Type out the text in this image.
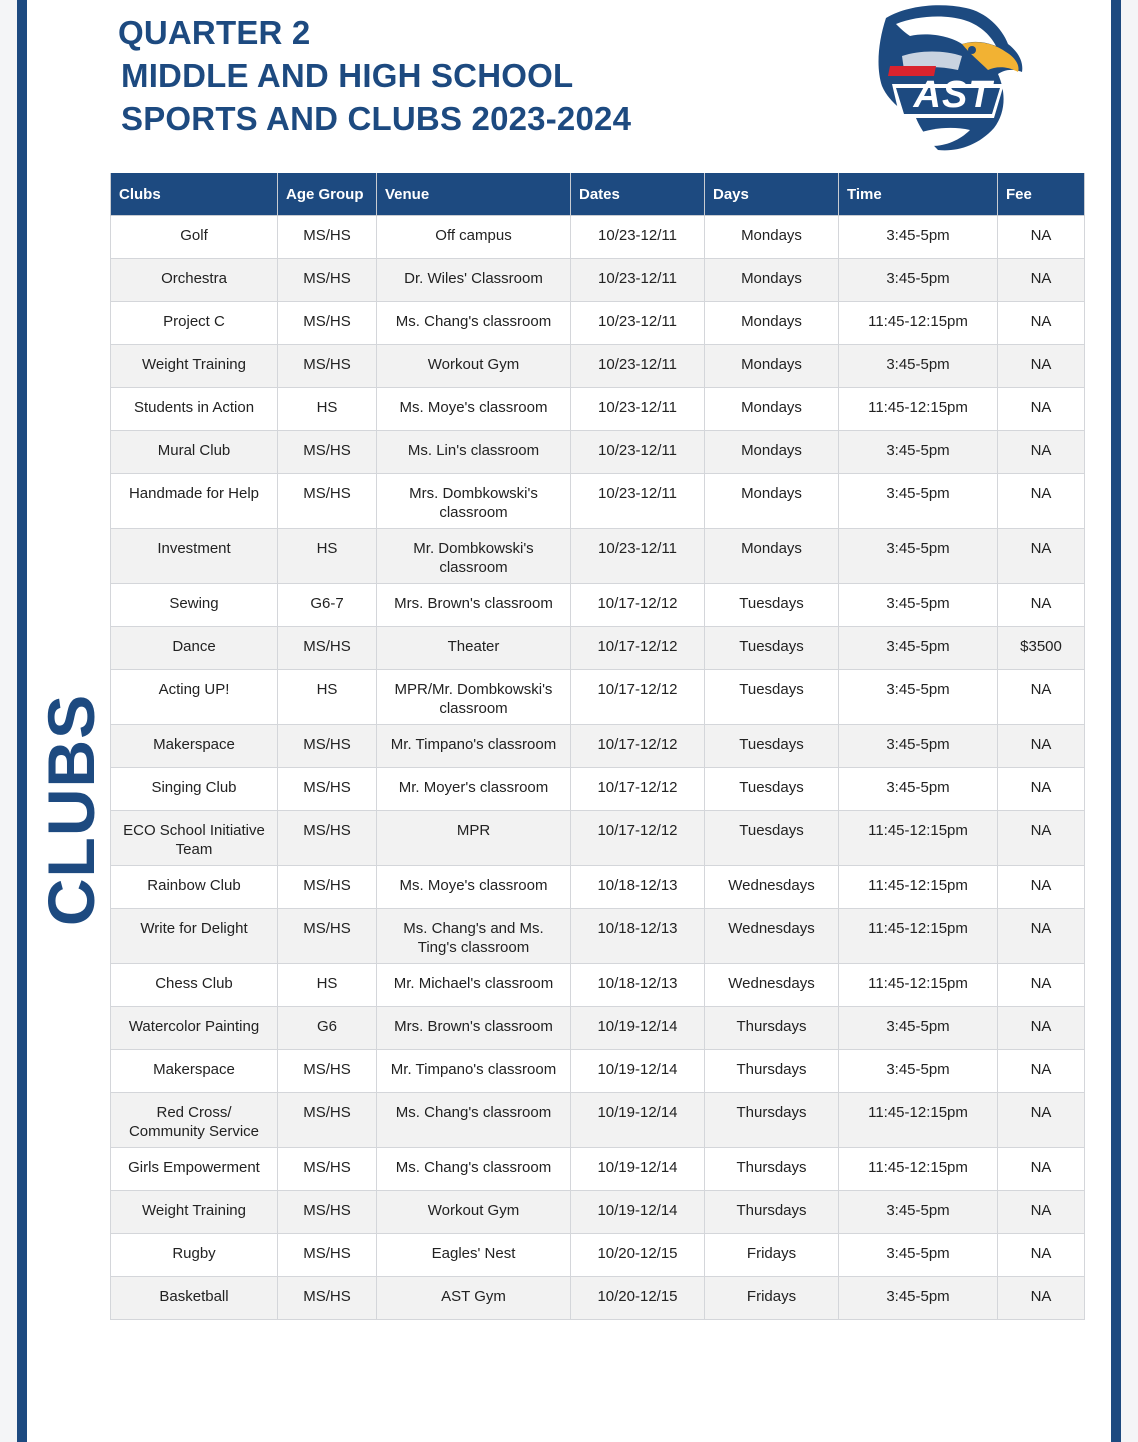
QUARTER 2
MIDDLE AND HIGH SCHOOL
SPORTS AND CLUBS 2023-2024
CLUBS
AST
Clubs	Age Group	Venue	Dates	Days	Time	Fee
Golf	MS/HS	Off campus	10/23-12/11	Mondays	3:45-5pm	NA
Orchestra	MS/HS	Dr. Wiles' Classroom	10/23-12/11	Mondays	3:45-5pm	NA
Project C	MS/HS	Ms. Chang's classroom	10/23-12/11	Mondays	11:45-12:15pm	NA
Weight Training	MS/HS	Workout Gym	10/23-12/11	Mondays	3:45-5pm	NA
Students in Action	HS	Ms. Moye's classroom	10/23-12/11	Mondays	11:45-12:15pm	NA
Mural Club	MS/HS	Ms. Lin's classroom	10/23-12/11	Mondays	3:45-5pm	NA
Handmade for Help	MS/HS	Mrs. Dombkowski's classroom	10/23-12/11	Mondays	3:45-5pm	NA
Investment	HS	Mr. Dombkowski's classroom	10/23-12/11	Mondays	3:45-5pm	NA
Sewing	G6-7	Mrs. Brown's classroom	10/17-12/12	Tuesdays	3:45-5pm	NA
Dance	MS/HS	Theater	10/17-12/12	Tuesdays	3:45-5pm	$3500
Acting UP!	HS	MPR/Mr. Dombkowski's classroom	10/17-12/12	Tuesdays	3:45-5pm	NA
Makerspace	MS/HS	Mr. Timpano's classroom	10/17-12/12	Tuesdays	3:45-5pm	NA
Singing Club	MS/HS	Mr. Moyer's classroom	10/17-12/12	Tuesdays	3:45-5pm	NA
ECO School Initiative Team	MS/HS	MPR	10/17-12/12	Tuesdays	11:45-12:15pm	NA
Rainbow Club	MS/HS	Ms. Moye's classroom	10/18-12/13	Wednesdays	11:45-12:15pm	NA
Write for Delight	MS/HS	Ms. Chang's and Ms. Ting's classroom	10/18-12/13	Wednesdays	11:45-12:15pm	NA
Chess Club	HS	Mr. Michael's classroom	10/18-12/13	Wednesdays	11:45-12:15pm	NA
Watercolor Painting	G6	Mrs. Brown's classroom	10/19-12/14	Thursdays	3:45-5pm	NA
Makerspace	MS/HS	Mr. Timpano's classroom	10/19-12/14	Thursdays	3:45-5pm	NA
Red Cross/ Community Service	MS/HS	Ms. Chang's classroom	10/19-12/14	Thursdays	11:45-12:15pm	NA
Girls Empowerment	MS/HS	Ms. Chang's classroom	10/19-12/14	Thursdays	11:45-12:15pm	NA
Weight Training	MS/HS	Workout Gym	10/19-12/14	Thursdays	3:45-5pm	NA
Rugby	MS/HS	Eagles' Nest	10/20-12/15	Fridays	3:45-5pm	NA
Basketball	MS/HS	AST Gym	10/20-12/15	Fridays	3:45-5pm	NA
